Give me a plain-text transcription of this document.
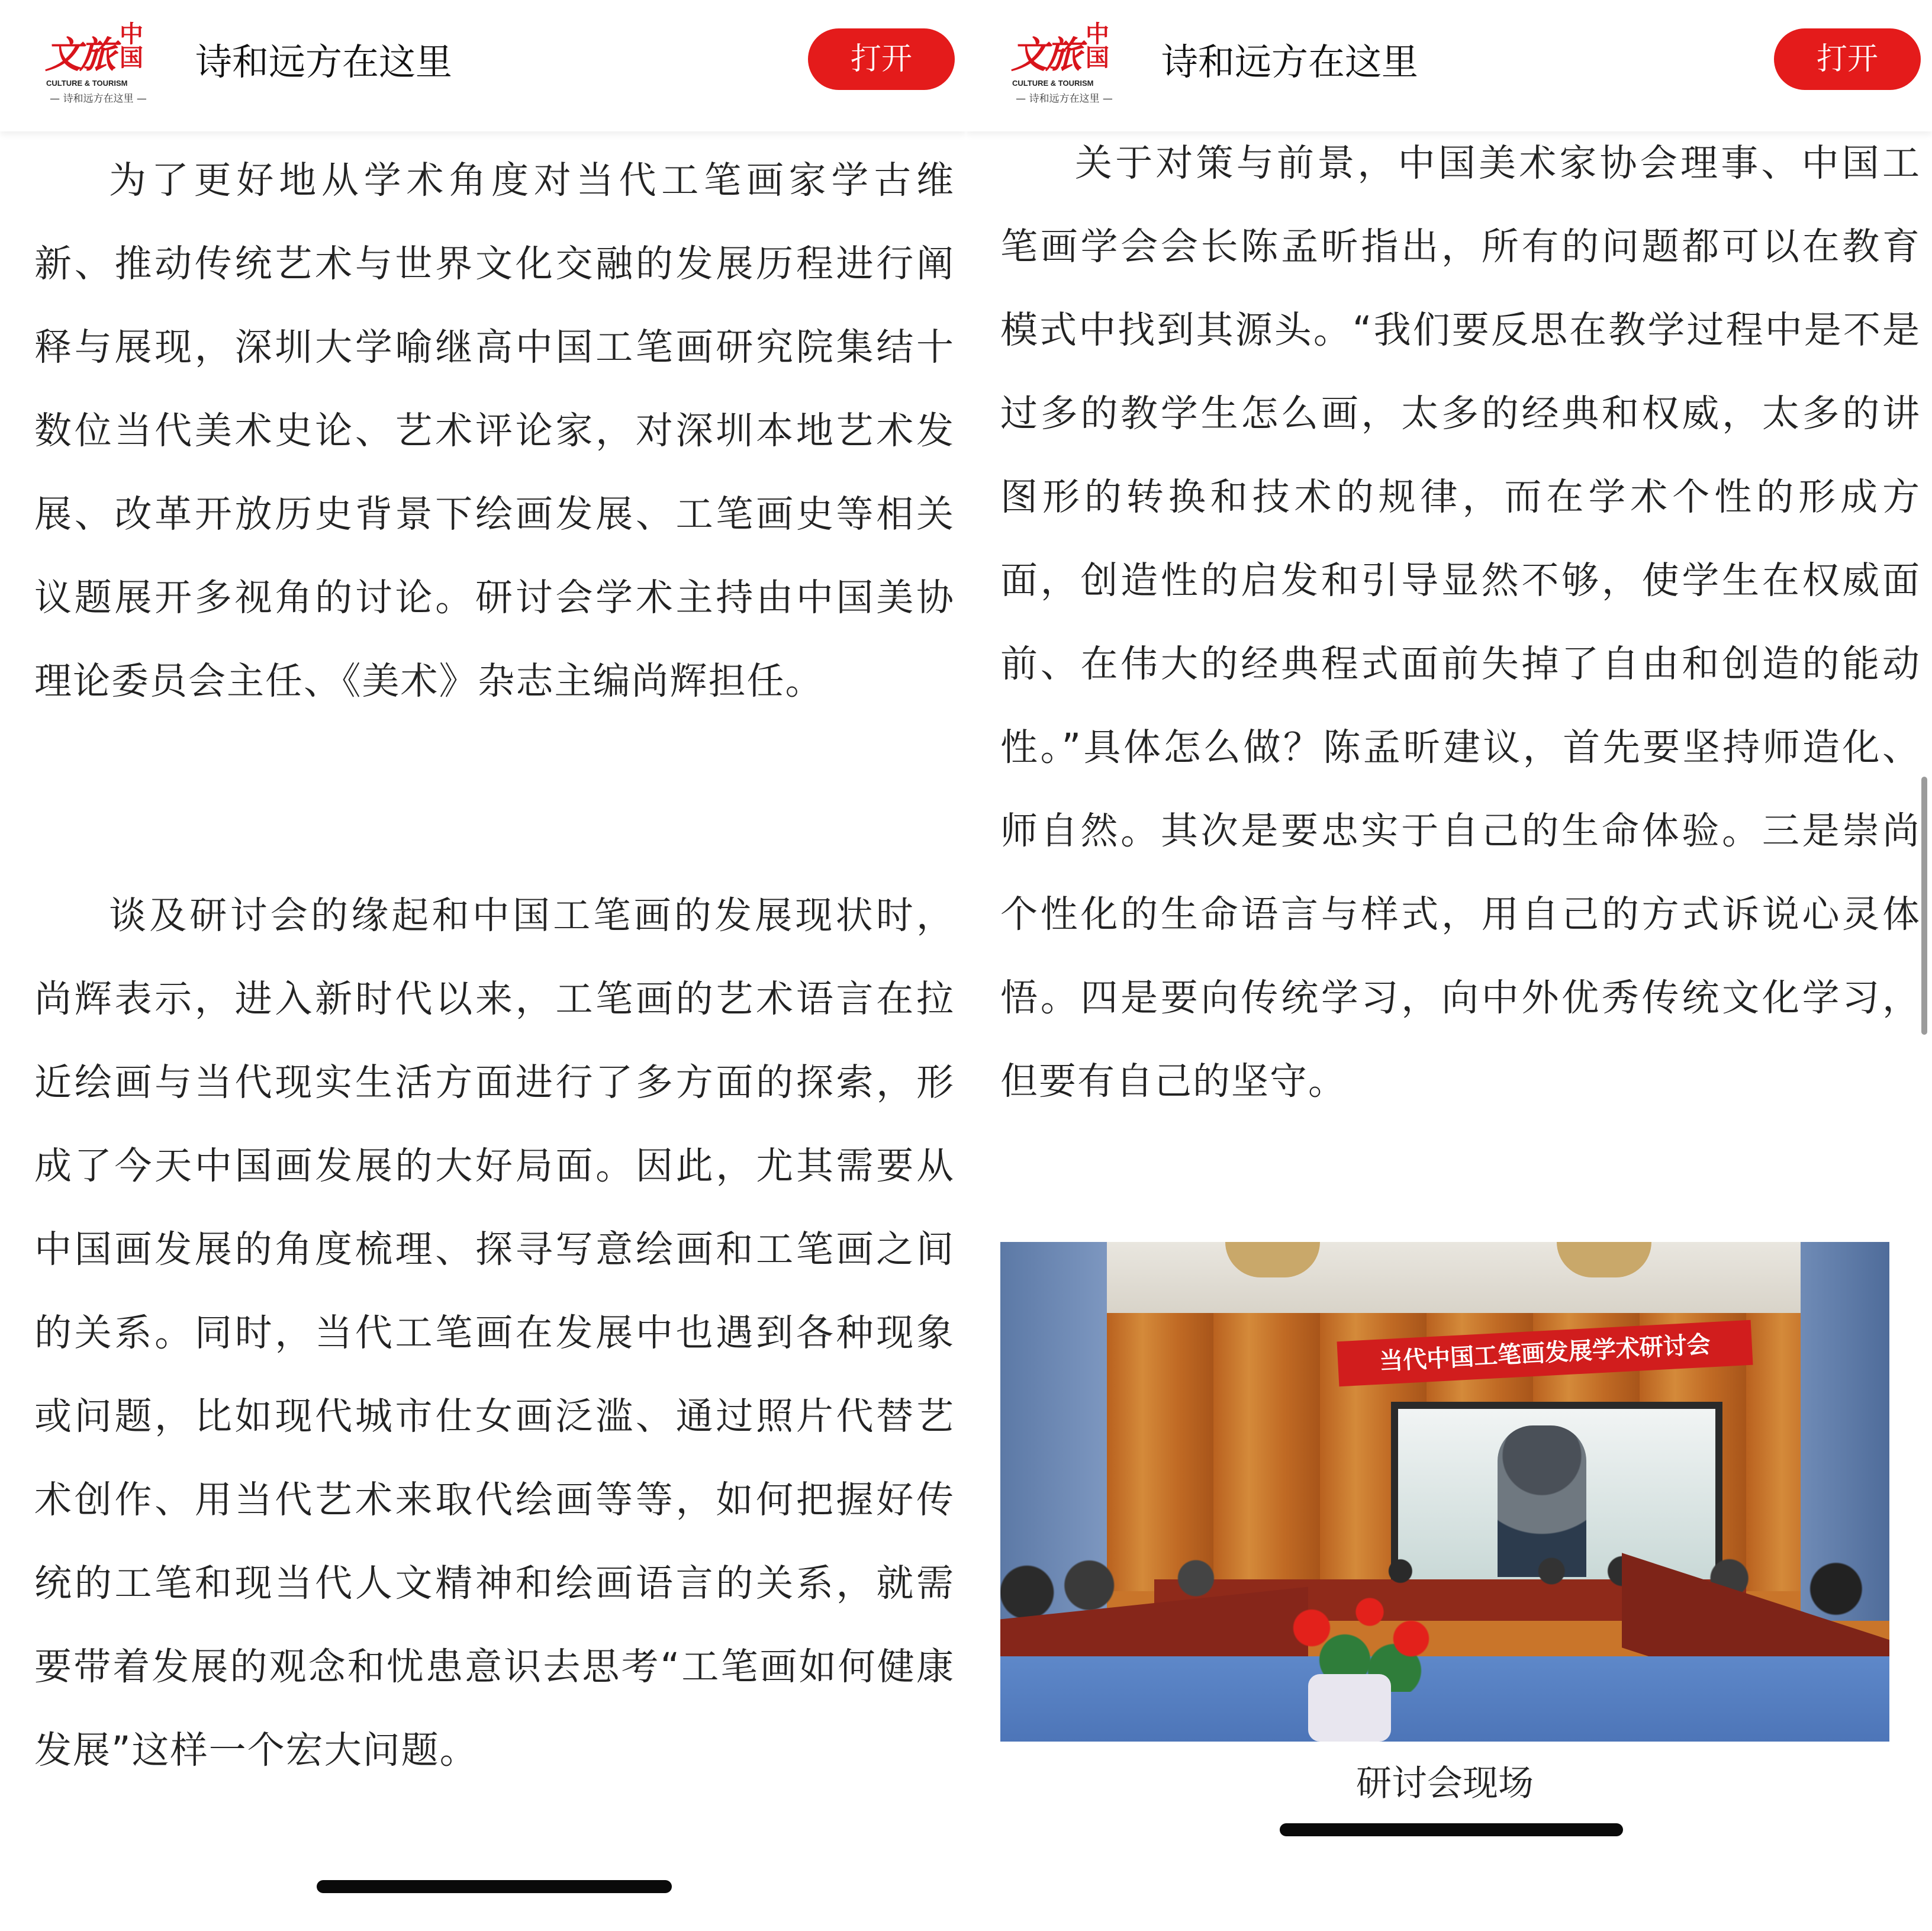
文旅 中国
CULTURE & TOURISM
— 诗和远方在这里 —
诗和远方在这里	打开

为了更好地从学术角度对当代工笔画家学古维新、推动传统艺术与世界文化交融的发展历程进行阐释与展现，深圳大学喻继高中国工笔画研究院集结十数位当代美术史论、艺术评论家，对深圳本地艺术发展、改革开放历史背景下绘画发展、工笔画史等相关议题展开多视角的讨论。研讨会学术主持由中国美协理论委员会主任、《美术》杂志主编尚辉担任。

谈及研讨会的缘起和中国工笔画的发展现状时，尚辉表示，进入新时代以来，工笔画的艺术语言在拉近绘画与当代现实生活方面进行了多方面的探索，形成了今天中国画发展的大好局面。因此，尤其需要从中国画发展的角度梳理、探寻写意绘画和工笔画之间的关系。同时，当代工笔画在发展中也遇到各种现象或问题，比如现代城市仕女画泛滥、通过照片代替艺术创作、用当代艺术来取代绘画等等，如何把握好传统的工笔和现当代人文精神和绘画语言的关系，就需要带着发展的观念和忧患意识去思考“工笔画如何健康发展”这样一个宏大问题。

文旅 中国
CULTURE & TOURISM
— 诗和远方在这里 —
诗和远方在这里	打开

关于对策与前景，中国美术家协会理事、中国工笔画学会会长陈孟昕指出，所有的问题都可以在教育模式中找到其源头。“我们要反思在教学过程中是不是过多的教学生怎么画，太多的经典和权威，太多的讲图形的转换和技术的规律，而在学术个性的形成方面，创造性的启发和引导显然不够，使学生在权威面前、在伟大的经典程式面前失掉了自由和创造的能动性。”具体怎么做？陈孟昕建议，首先要坚持师造化、师自然。其次是要忠实于自己的生命体验。三是崇尚个性化的生命语言与样式，用自己的方式诉说心灵体悟。四是要向传统学习，向中外优秀传统文化学习，但要有自己的坚守。

当代中国工笔画发展学术研讨会
研讨会现场
